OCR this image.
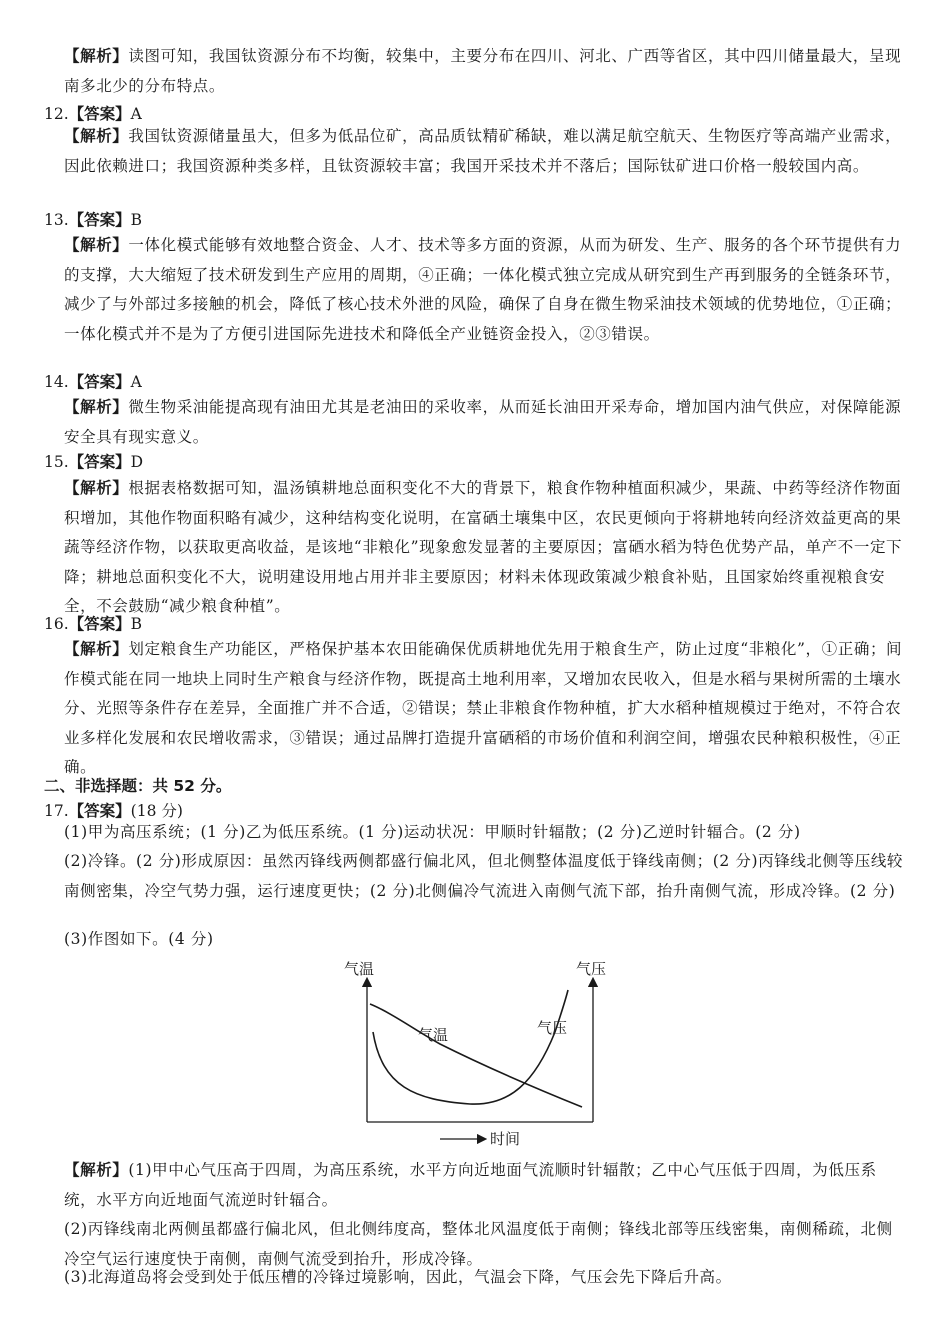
【解析】读图可知，我国钛资源分布不均衡，较集中，主要分布在四川、河北、广西等省区，其中四川储量最大，呈现南多北少的分布特点。
12.【答案】A
【解析】我国钛资源储量虽大，但多为低品位矿，高品质钛精矿稀缺，难以满足航空航天、生物医疗等高端产业需求，因此依赖进口；我国资源种类多样，且钛资源较丰富；我国开采技术并不落后；国际钛矿进口价格一般较国内高。
13.【答案】B
【解析】一体化模式能够有效地整合资金、人才、技术等多方面的资源，从而为研发、生产、服务的各个环节提供有力的支撑，大大缩短了技术研发到生产应用的周期，④正确；一体化模式独立完成从研究到生产再到服务的全链条环节，减少了与外部过多接触的机会，降低了核心技术外泄的风险，确保了自身在微生物采油技术领域的优势地位，①正确；一体化模式并不是为了方便引进国际先进技术和降低全产业链资金投入，②③错误。
14.【答案】A
【解析】微生物采油能提高现有油田尤其是老油田的采收率，从而延长油田开采寿命，增加国内油气供应，对保障能源安全具有现实意义。
15.【答案】D
【解析】根据表格数据可知，温汤镇耕地总面积变化不大的背景下，粮食作物种植面积减少，果蔬、中药等经济作物面积增加，其他作物面积略有减少，这种结构变化说明，在富硒土壤集中区，农民更倾向于将耕地转向经济效益更高的果蔬等经济作物，以获取更高收益，是该地“非粮化”现象愈发显著的主要原因；富硒水稻为特色优势产品，单产不一定下降；耕地总面积变化不大，说明建设用地占用并非主要原因；材料未体现政策减少粮食补贴，且国家始终重视粮食安全，不会鼓励“减少粮食种植”。
16.【答案】B
【解析】划定粮食生产功能区，严格保护基本农田能确保优质耕地优先用于粮食生产，防止过度“非粮化”，①正确；间作模式能在同一地块上同时生产粮食与经济作物，既提高土地利用率，又增加农民收入，但是水稻与果树所需的土壤水分、光照等条件存在差异，全面推广并不合适，②错误；禁止非粮食作物种植，扩大水稻种植规模过于绝对，不符合农业多样化发展和农民增收需求，③错误；通过品牌打造提升富硒稻的市场价值和利润空间，增强农民种粮积极性，④正确。
二、非选择题：共 52 分。
17.【答案】(18 分)
(1)甲为高压系统；(1 分)乙为低压系统。(1 分)运动状况：甲顺时针辐散；(2 分)乙逆时针辐合。(2 分)
(2)冷锋。(2 分)形成原因：虽然丙锋线两侧都盛行偏北风，但北侧整体温度低于锋线南侧；(2 分)丙锋线北侧等压线较南侧密集，冷空气势力强，运行速度更快；(2 分)北侧偏冷气流进入南侧气流下部，抬升南侧气流，形成冷锋。(2 分)
(3)作图如下。(4 分)
气温	气压
时间
气温	气压
【解析】(1)甲中心气压高于四周，为高压系统，水平方向近地面气流顺时针辐散；乙中心气压低于四周，为低压系统，水平方向近地面气流逆时针辐合。
(2)丙锋线南北两侧虽都盛行偏北风，但北侧纬度高，整体北风温度低于南侧；锋线北部等压线密集，南侧稀疏，北侧冷空气运行速度快于南侧，南侧气流受到抬升，形成冷锋。
(3)北海道岛将会受到处于低压槽的冷锋过境影响，因此，气温会下降，气压会先下降后升高。
